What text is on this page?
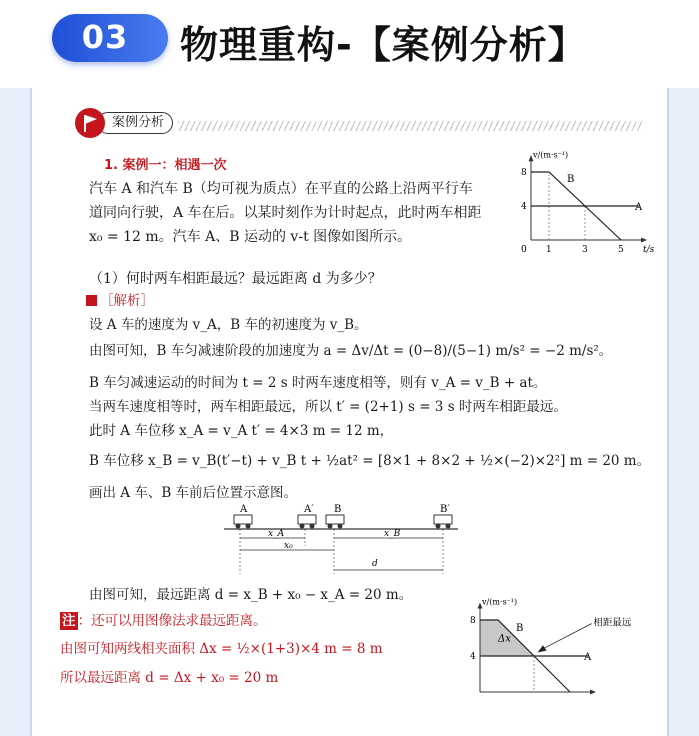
03	物理重构-【案例分析】
案例分析
1. 案例一：相遇一次
汽车 A 和汽车 B（均可视为质点）在平直的公路上沿两平行车
道同向行驶，A 车在后。以某时刻作为计时起点，此时两车相距
x₀ = 12 m。汽车 A、B 运动的 v-t 图像如图所示。
v/(m·s⁻¹)
t/s
4
8
0 1	3	5
A
B
（1）何时两车相距最远？最远距离 d 为多少？
［解析］
设 A 车的速度为 v_A，B 车的初速度为 v_B。
由图可知，B 车匀减速阶段的加速度为 a = Δv/Δt = (0−8)/(5−1) m/s² = −2 m/s²。
B 车匀减速运动的时间为 t = 2 s 时两车速度相等，则有 v_A = v_B + at。
当两车速度相等时，两车相距最远，所以 t′ = (2+1) s = 3 s 时两车相距最远。
此时 A 车位移 x_A = v_A t′ = 4×3 m = 12 m，
B 车位移 x_B = v_B(t′−t) + v_B t + ½at² = [8×1 + 8×2 + ½×(−2)×2²] m = 20 m。
画出 A 车、B 车前后位置示意图。
A	A′ B	B′
x_A
x₀
x_B
d
由图可知，最远距离 d = x_B + x₀ − x_A = 20 m。
注 ：还可以用图像法求最远距离。
由图可知两线相夹面积 Δx = ½×(1+3)×4 m = 8 m
所以最远距离 d = Δx + x₀ = 20 m
Δx
v/(m·s⁻¹)
4
8
A
B	相距最远
